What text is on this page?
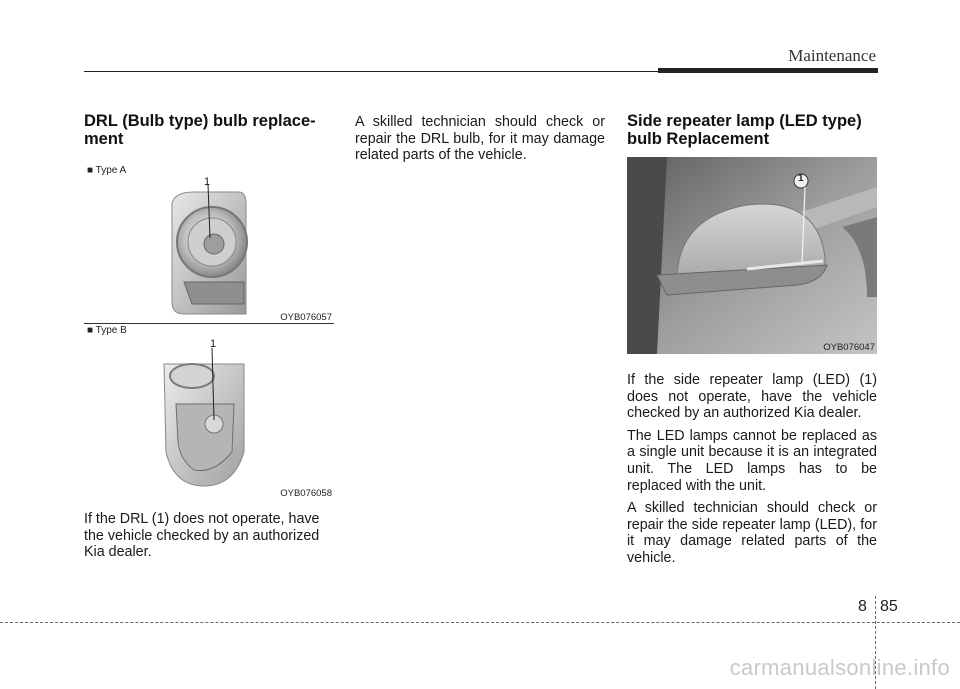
Maintenance
DRL (Bulb type) bulb replace-
ment
■ Type A
1
OYB076057
■ Type B
1
OYB076058

If the DRL (1) does not operate, have the vehicle checked by an authorized Kia dealer.

A skilled technician should check or repair the DRL bulb, for it may damage related parts of the vehicle.

Side repeater lamp (LED type) bulb Replacement
1
OYB076047

If the side repeater lamp (LED) (1) does not operate, have the vehicle checked by an authorized Kia dealer.

The LED lamps cannot be replaced as a single unit because it is an integrated unit. The LED lamps has to be replaced with the unit.

A skilled technician should check or repair the side repeater lamp (LED), for it may damage related parts of the vehicle.

8 85
carmanualsonline.info
